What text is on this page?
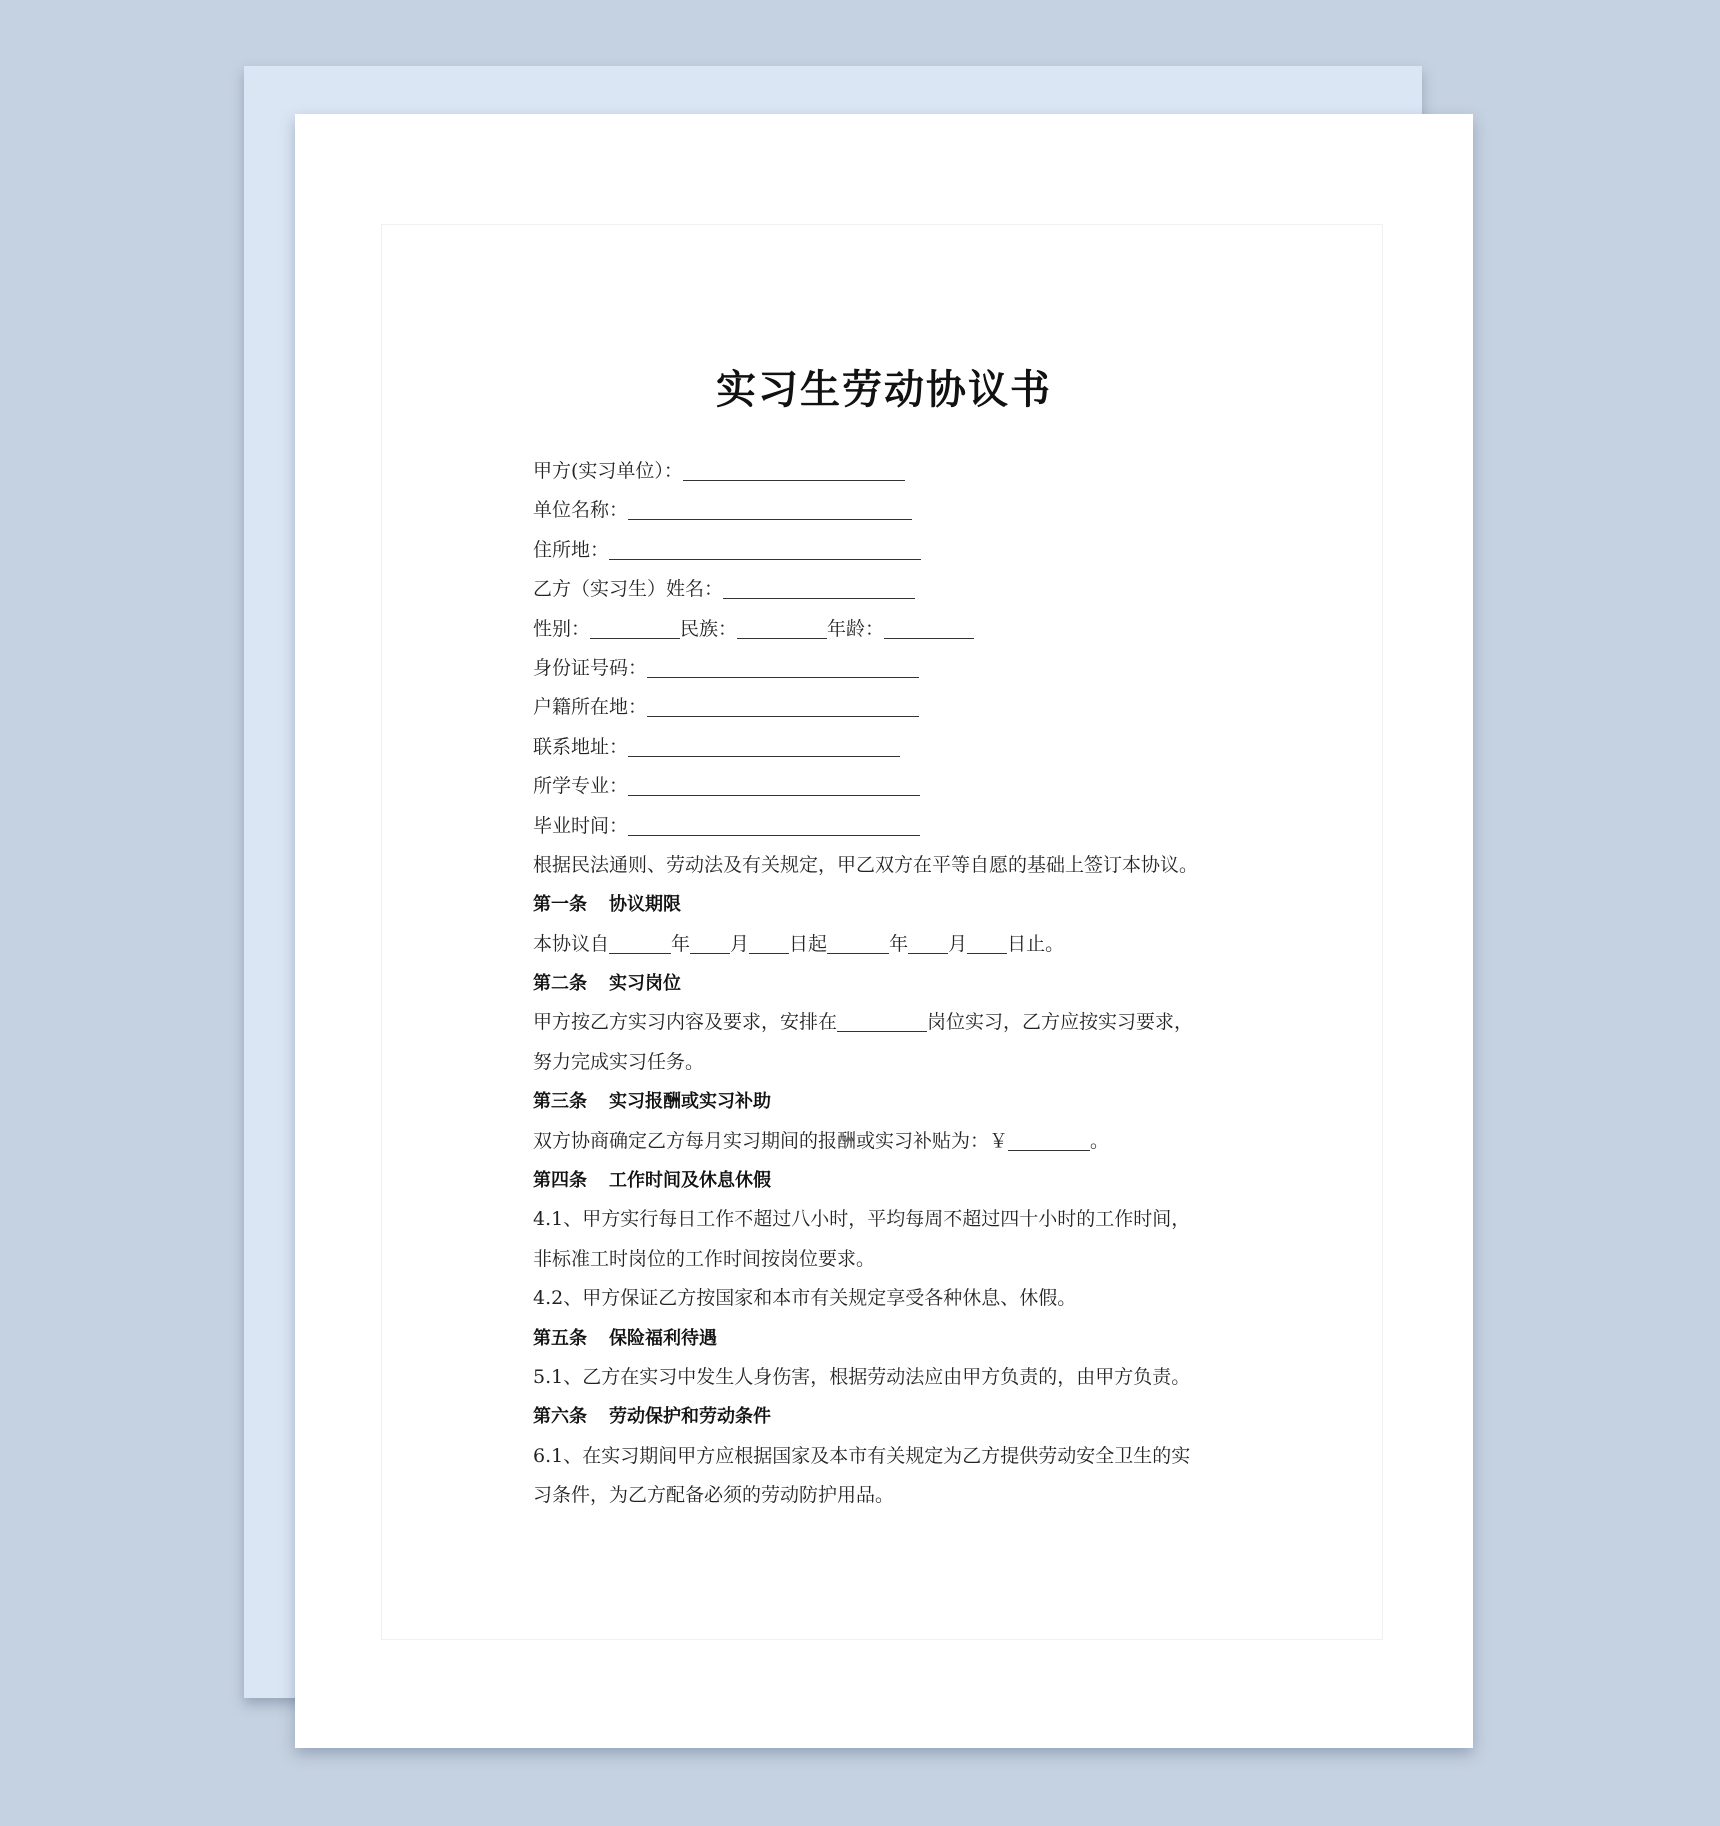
实习生劳动协议书
甲方(实习单位）：
单位名称：
住所地：
乙方（实习生）姓名：
性别：	民族：	年龄：
身份证号码：
户籍所在地：
联系地址：
所学专业：
毕业时间：
根据民法通则、劳动法及有关规定，甲乙双方在平等自愿的基础上签订本协议。
第一条 协议期限
本协议自	年 月 日起	年 月 日止。
第二条 实习岗位
甲方按乙方实习内容及要求，安排在	岗位实习，乙方应按实习要求，
努力完成实习任务。
第三条 实习报酬或实习补助
双方协商确定乙方每月实习期间的报酬或实习补贴为：￥	。
第四条 工作时间及休息休假
4.1、甲方实行每日工作不超过八小时，平均每周不超过四十小时的工作时间，
非标准工时岗位的工作时间按岗位要求。
4.2、甲方保证乙方按国家和本市有关规定享受各种休息、休假。
第五条 保险福利待遇
5.1、乙方在实习中发生人身伤害，根据劳动法应由甲方负责的，由甲方负责。
第六条 劳动保护和劳动条件
6.1、在实习期间甲方应根据国家及本市有关规定为乙方提供劳动安全卫生的实
习条件，为乙方配备必须的劳动防护用品。
